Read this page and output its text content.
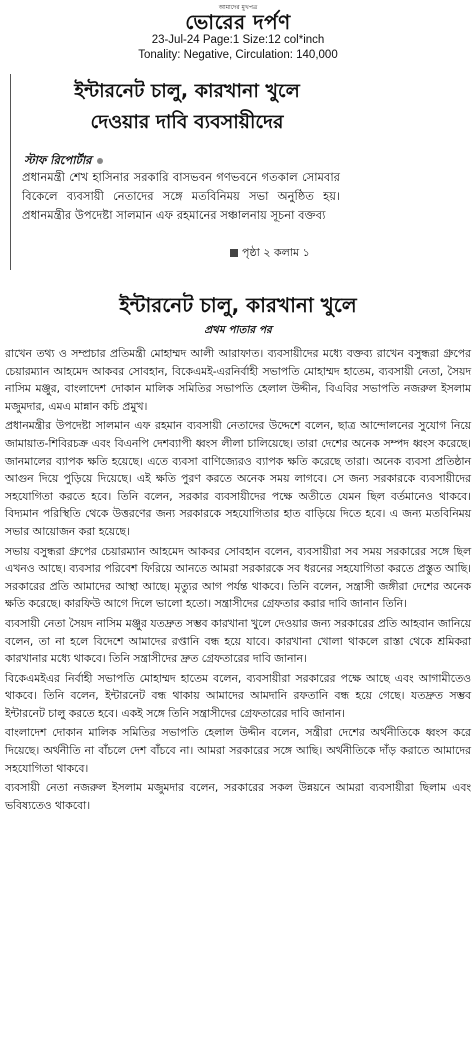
আমাদের মুখপত্র
ভোরের দর্পণ
23-Jul-24 Page:1 Size:12 col*inch
Tonality: Negative, Circulation: 140,000
ইন্টারনেট চালু, কারখানা খুলে
দেওয়ার দাবি ব্যবসায়ীদের
স্টাফ রিপোর্টার
প্রধানমন্ত্রী শেখ হাসিনার সরকারি বাসভবন গণভবনে গতকাল সোমবার বিকেলে ব্যবসায়ী নেতাদের সঙ্গে মতবিনিময় সভা অনুষ্ঠিত হয়। প্রধানমন্ত্রীর উপদেষ্টা সালমান এফ রহমানের সঞ্চালনায় সূচনা বক্তব্য
পৃষ্ঠা ২ কলাম ১
ইন্টারনেট চালু, কারখানা খুলে
প্রথম পাতার পর

রাখেন তথ্য ও সম্প্রচার প্রতিমন্ত্রী মোহাম্মদ আলী আরাফাত। ব্যবসায়ীদের মধ্যে বক্তব্য রাখেন বসুন্ধরা গ্রুপের চেয়ারম্যান আহমেদ আকবর সোবহান, বিকেএমই-এরনির্বাহী সভাপতি মোহাম্মদ হাতেম, ব্যবসায়ী নেতা, সৈয়দ নাসিম মঞ্জুর, বাংলাদেশ দোকান মালিক সমিতির সভাপতি হেলাল উদ্দীন, বিএবির সভাপতি নজরুল ইসলাম মজুমদার, এমএ মান্নান কচি প্রমুখ।

প্রধানমন্ত্রীর উপদেষ্টা সালমান এফ রহমান ব্যবসায়ী নেতাদের উদ্দেশে বলেন, ছাত্র আন্দোলনের সুযোগ নিয়ে জামায়াত-শিবিরচক্র এবং বিএনপি দেশব্যাপী ধ্বংস লীলা চালিয়েছে। তারা দেশের অনেক সম্পদ ধ্বংস করেছে। জানমালের ব্যাপক ক্ষতি হয়েছে। এতে ব্যবসা বাণিজ্যেরও ব্যাপক ক্ষতি করেছে তারা। অনেক ব্যবসা প্রতিষ্ঠান আগুন দিয়ে পুড়িয়ে দিয়েছে। এই ক্ষতি পুরণ করতে অনেক সময় লাগবে। সে জন্য সরকারকে ব্যবসায়ীদের সহযোগিতা করতে হবে। তিনি বলেন, সরকার ব্যবসায়ীদের পক্ষে অতীতে যেমন ছিল বর্তমানেও থাকবে। বিদ্যমান পরিস্থিতি থেকে উত্তরণের জন্য সরকারকে সহযোগিতার হাত বাড়িয়ে দিতে হবে। এ জন্য মতবিনিময় সভার আয়োজন করা হয়েছে।

সভায় বসুন্ধরা গ্রুপের চেয়ারম্যান আহমেদ আকবর সোবহান বলেন, ব্যবসায়ীরা সব সময় সরকারের সঙ্গে ছিল এখনও আছে। ব্যবসার পরিবেশ ফিরিয়ে আনতে আমরা সরকারকে সব ধরনের সহযোগিতা করতে প্রস্তুত আছি। সরকারের প্রতি আমাদের আস্থা আছে। মৃত্যুর আগ পর্যন্ত থাকবে। তিনি বলেন, সন্ত্রাসী জঙ্গীরা দেশের অনেক ক্ষতি করেছে। কারফিউ আগে দিলে ভালো হতো। সন্ত্রাসীদের গ্রেফতার করার দাবি জানান তিনি।

ব্যবসায়ী নেতা সৈয়দ নাসিম মঞ্জুর যতদ্রুত সম্ভব কারখানা খুলে দেওয়ার জন্য সরকারের প্রতি আহবান জানিয়ে বলেন, তা না হলে বিদেশে আমাদের রপ্তানি বন্ধ হয়ে যাবে। কারখানা খোলা থাকলে রাস্তা থেকে শ্রমিকরা কারখানার মধ্যে থাকবে। তিনি সন্ত্রাসীদের দ্রুত গ্রেফতারের দাবি জানান।

বিকেএমইএর নির্বাহী সভাপতি মোহাম্মদ হাতেম বলেন, ব্যবসায়ীরা সরকারের পক্ষে আছে এবং আগামীতেও থাকবে। তিনি বলেন, ইন্টারনেট বন্ধ থাকায় আমাদের আমদানি রফতানি বন্ধ হয়ে গেছে। যতদ্রুত সম্ভব ইন্টারনেট চালু করতে হবে। একই সঙ্গে তিনি সন্ত্রাসীদের গ্রেফতারের দাবি জানান।

বাংলাদেশ দোকান মালিক সমিতির সভাপতি হেলাল উদ্দীন বলেন, সন্ত্রীরা দেশের অর্থনীতিকে ধ্বংস করে দিয়েছে। অর্থনীতি না বাঁচলে দেশ বাঁচবে না। আমরা সরকারের সঙ্গে আছি। অর্থনীতিকে দাঁড় করাতে আমাদের সহযোগিতা থাকবে।

ব্যবসায়ী নেতা নজরুল ইসলাম মজুমদার বলেন, সরকারের সকল উন্নয়নে আমরা ব্যবসায়ীরা ছিলাম এবং ভবিষ্যতেও থাকবো।
